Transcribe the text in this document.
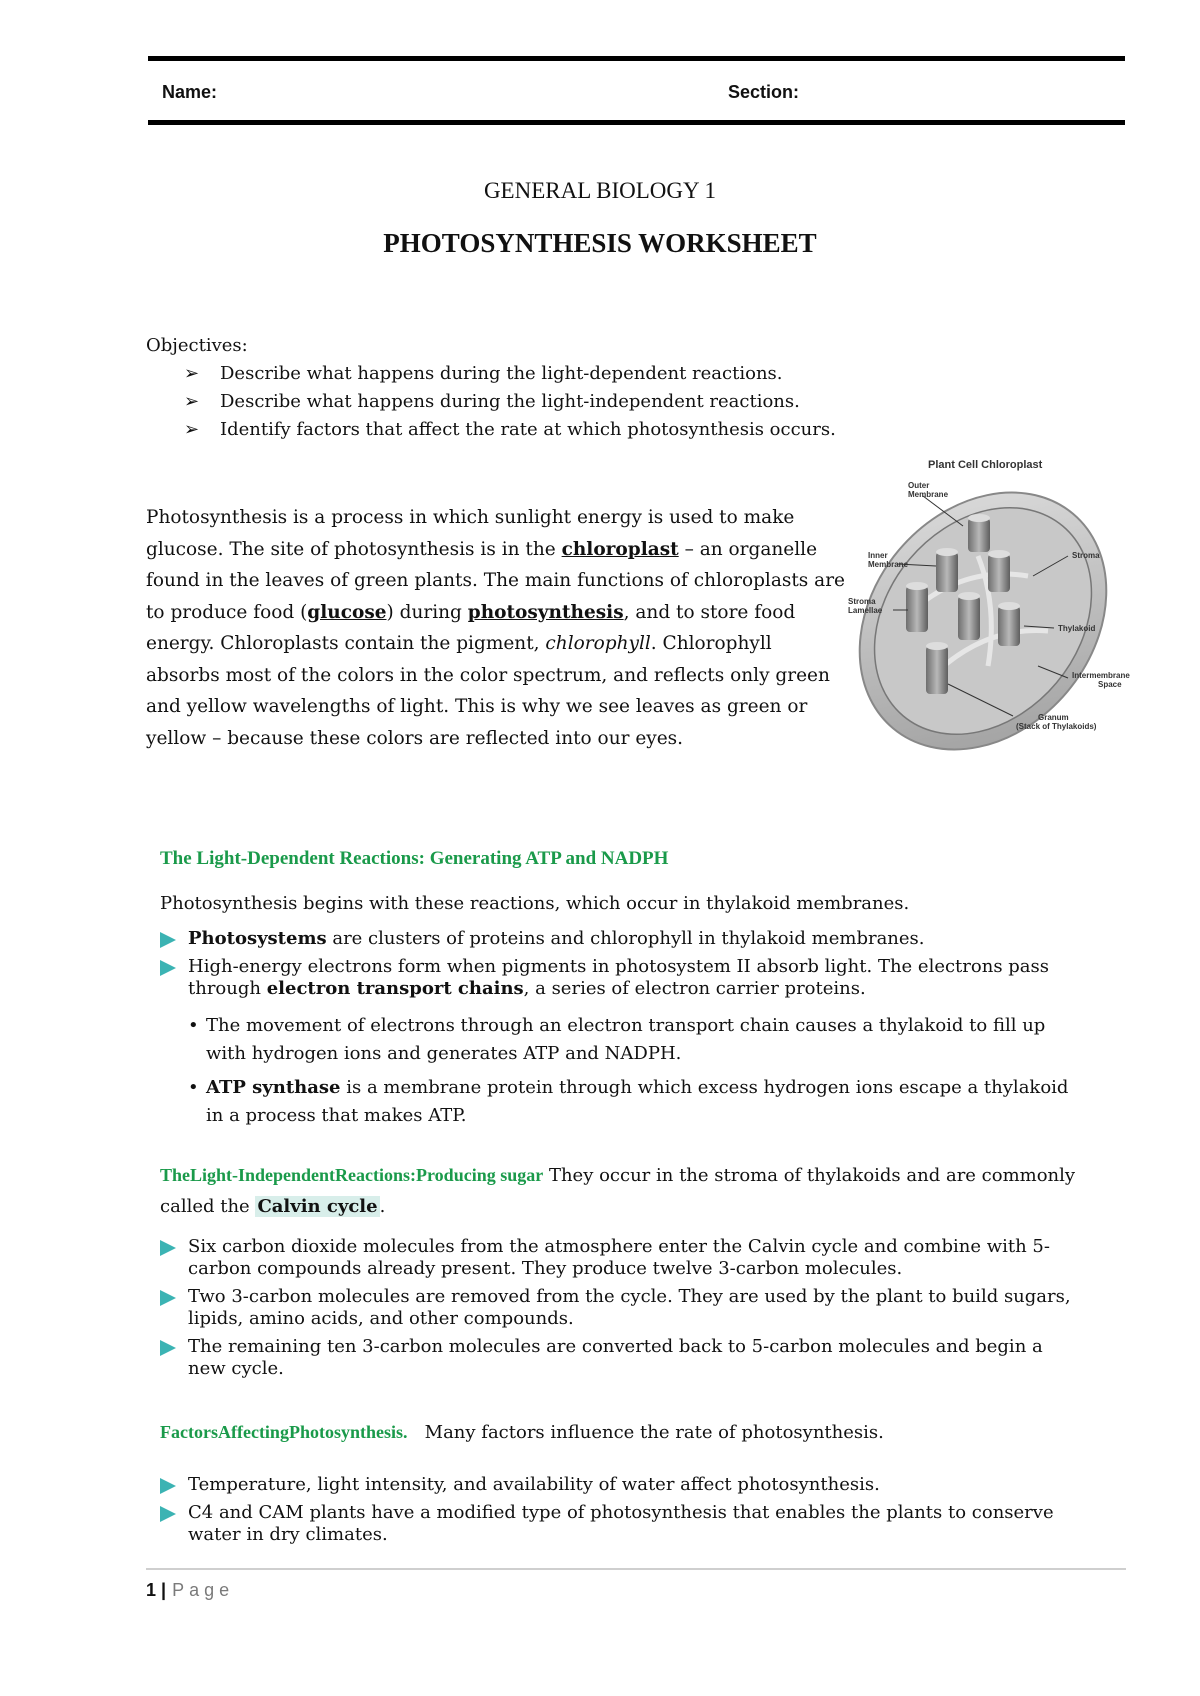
Name:	Section:
GENERAL BIOLOGY 1
PHOTOSYNTHESIS WORKSHEET
Objectives:
➢ Describe what happens during the light-dependent reactions.
➢ Describe what happens during the light-independent reactions.
➢ Identify factors that affect the rate at which photosynthesis occurs.
Photosynthesis is a process in which sunlight energy is used to make glucose. The site of photosynthesis is in the chloroplast – an organelle found in the leaves of green plants. The main functions of chloroplasts are to produce food (glucose) during photosynthesis, and to store food energy. Chloroplasts contain the pigment, chlorophyll. Chlorophyll absorbs most of the colors in the color spectrum, and reflects only green and yellow wavelengths of light. This is why we see leaves as green or yellow – because these colors are reflected into our eyes.
Plant Cell Chloroplast
Outer Membrane
Inner Membrane
Stroma Lamellae
Stroma
Thylakoid
Intermembrane Space
Granum (Stack of Thylakoids)
The Light-Dependent Reactions: Generating ATP and NADPH
Photosynthesis begins with these reactions, which occur in thylakoid membranes.
Photosystems are clusters of proteins and chlorophyll in thylakoid membranes.
High-energy electrons form when pigments in photosystem II absorb light. The electrons pass through electron transport chains, a series of electron carrier proteins.
• The movement of electrons through an electron transport chain causes a thylakoid to fill up with hydrogen ions and generates ATP and NADPH.
• ATP synthase is a membrane protein through which excess hydrogen ions escape a thylakoid in a process that makes ATP.
TheLight-IndependentReactions:Producing sugar They occur in the stroma of thylakoids and are commonly called the Calvin cycle .
Six carbon dioxide molecules from the atmosphere enter the Calvin cycle and combine with 5-carbon compounds already present. They produce twelve 3-carbon molecules.
Two 3-carbon molecules are removed from the cycle. They are used by the plant to build sugars, lipids, amino acids, and other compounds.
The remaining ten 3-carbon molecules are converted back to 5-carbon molecules and begin a new cycle.
FactorsAffectingPhotosynthesis. Many factors influence the rate of photosynthesis.
Temperature, light intensity, and availability of water affect photosynthesis.
C4 and CAM plants have a modified type of photosynthesis that enables the plants to conserve water in dry climates.
1 | Page
